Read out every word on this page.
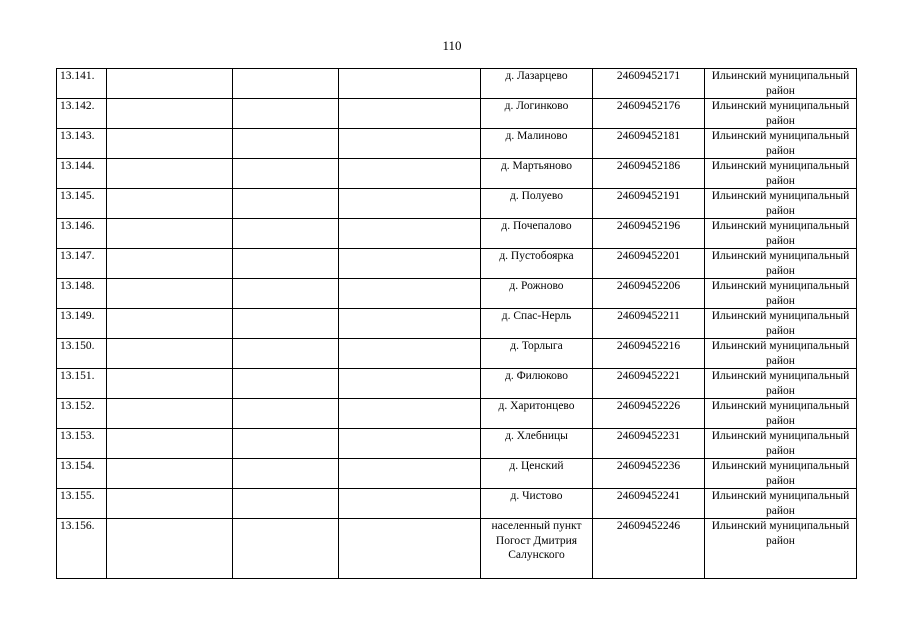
110
13.141.				д. Лазарцево	24609452171	Ильинский муниципальный район
13.142.				д. Логинково	24609452176	Ильинский муниципальный район
13.143.				д. Малиново	24609452181	Ильинский муниципальный район
13.144.				д. Мартьяново	24609452186	Ильинский муниципальный район
13.145.				д. Полуево	24609452191	Ильинский муниципальный район
13.146.				д. Почепалово	24609452196	Ильинский муниципальный район
13.147.				д. Пустобоярка	24609452201	Ильинский муниципальный район
13.148.				д. Рожново	24609452206	Ильинский муниципальный район
13.149.				д. Спас-Нерль	24609452211	Ильинский муниципальный район
13.150.				д. Торлыга	24609452216	Ильинский муниципальный район
13.151.				д. Филюково	24609452221	Ильинский муниципальный район
13.152.				д. Харитонцево	24609452226	Ильинский муниципальный район
13.153.				д. Хлебницы	24609452231	Ильинский муниципальный район
13.154.				д. Ценский	24609452236	Ильинский муниципальный район
13.155.				д. Чистово	24609452241	Ильинский муниципальный район
13.156.				населенный пункт Погост Дмитрия Салунского	24609452246	Ильинский муниципальный район
